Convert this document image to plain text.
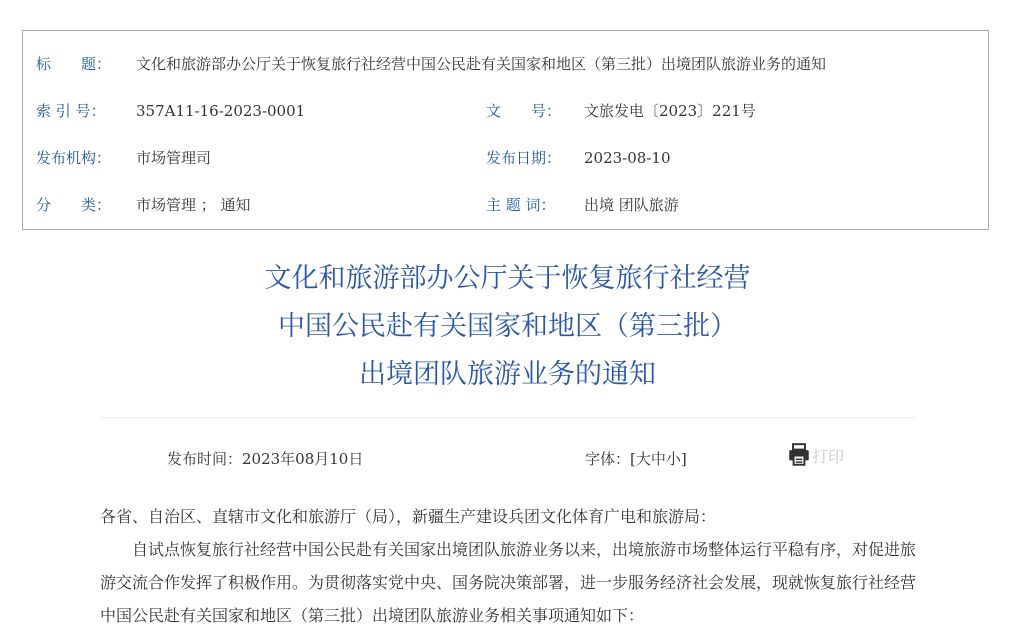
标　　题：	文化和旅游部办公厅关于恢复旅行社经营中国公民赴有关国家和地区（第三批）出境团队旅游业务的通知
索 引 号：	357A11-16-2023-0001	文　　号：	文旅发电〔2023〕221号
发布机构：	市场管理司	发布日期：	2023-08-10
分　　类：	市场管理 ； 通知	主 题 词：	出境 团队旅游
文化和旅游部办公厅关于恢复旅行社经营
中国公民赴有关国家和地区（第三批）
出境团队旅游业务的通知
发布时间：2023年08月10日	字体：[大中小]	打印

各省、自治区、直辖市文化和旅游厅（局），新疆生产建设兵团文化体育广电和旅游局：

自试点恢复旅行社经营中国公民赴有关国家出境团队旅游业务以来，出境旅游市场整体运行平稳有序，对促进旅游交流合作发挥了积极作用。为贯彻落实党中央、国务院决策部署，进一步服务经济社会发展，现就恢复旅行社经营中国公民赴有关国家和地区（第三批）出境团队旅游业务相关事项通知如下：
